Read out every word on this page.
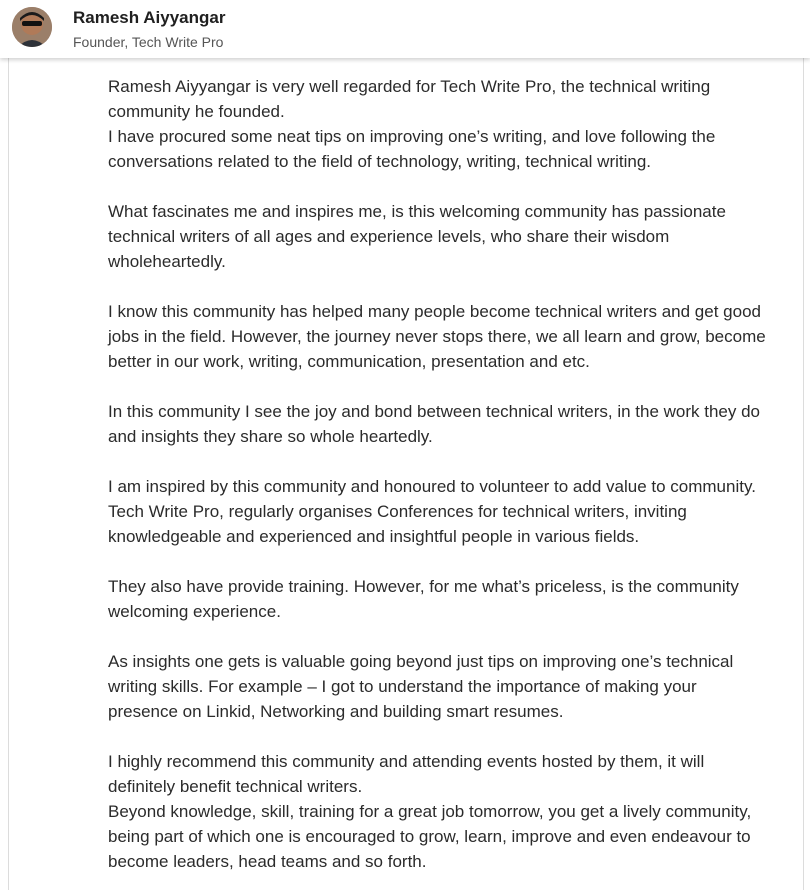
Ramesh Aiyyangar
Founder, Tech Write Pro
Ramesh Aiyyangar is very well regarded for Tech Write Pro, the technical writing community he founded.
I have procured some neat tips on improving one’s writing, and love following the conversations related to the field of technology, writing, technical writing.

What fascinates me and inspires me, is this welcoming community has passionate technical writers of all ages and experience levels, who share their wisdom wholeheartedly.

I know this community has helped many people become technical writers and get good jobs in the field. However, the journey never stops there, we all learn and grow, become better in our work, writing, communication, presentation and etc.

In this community I see the joy and bond between technical writers, in the work they do and insights they share so whole heartedly.

I am inspired by this community and honoured to volunteer to add value to community.
Tech Write Pro, regularly organises Conferences for technical writers, inviting knowledgeable and experienced and insightful people in various fields.

They also have provide training. However, for me what’s priceless, is the community welcoming experience.

As insights one gets is valuable going beyond just tips on improving one’s technical writing skills. For example – I got to understand the importance of making your presence on Linkid, Networking and building smart resumes.

I highly recommend this community and attending events hosted by them, it will definitely benefit technical writers.
Beyond knowledge, skill, training for a great job tomorrow, you get a lively community, being part of which one is encouraged to grow, learn, improve and even endeavour to become leaders, head teams and so forth.
